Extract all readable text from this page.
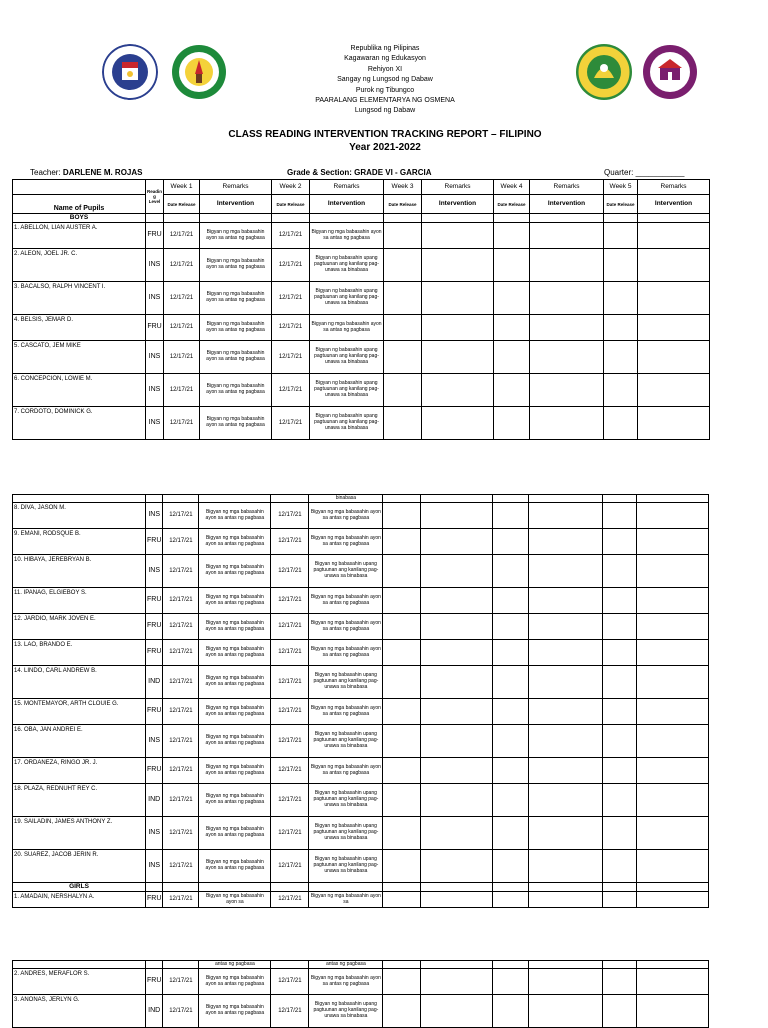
Republika ng Pilipinas
Kagawaran ng Edukasyon
Rehiyon XI
Sangay ng Lungsod ng Dabaw
Purok ng Tibungco
PAARALANG ELEMENTARYA NG OSMENA
Lungsod ng Dabaw
CLASS READING INTERVENTION TRACKING REPORT – FILIPINO
Year 2021-2022
Teacher: DARLENE M. ROJAS	Grade & Section: GRADE VI - GARCIA	Quarter: ___________

	Readin g Level	Week 1	Remarks	Week 2	Remarks	Week 3	Remarks	Week 4	Remarks	Week 5	Remarks
Name of Pupils		Date Release	Intervention	Date Release	Intervention	Date Release	Intervention	Date Release	Intervention	Date Release	Intervention
BOYS											
1. ABELLON, LIAN AUSTER A.	FRU	12/17/21	Bigyan ng mga babasahin ayon sa antas ng pagbasa	12/17/21	Bigyan ng mga babasahin ayon sa antas ng pagbasa						
2. ALEON, JOEL JR. C.	INS	12/17/21	Bigyan ng mga babasahin ayon sa antas ng pagbasa	12/17/21	Bigyan ng babasahin upang pagtuunan ang kanilang pag-unawa sa binabasa						
3. BACALSO, RALPH VINCENT I.	INS	12/17/21	Bigyan ng mga babasahin ayon sa antas ng pagbasa	12/17/21	Bigyan ng babasahin upang pagtuunan ang kanilang pag-unawa sa binabasa						
4. BELSIS, JEMAR D.	FRU	12/17/21	Bigyan ng mga babasahin ayon sa antas ng pagbasa	12/17/21	Bigyan ng mga babasahin ayon sa antas ng pagbasa						
5. CASCATO, JEM MIKE	INS	12/17/21	Bigyan ng mga babasahin ayon sa antas ng pagbasa	12/17/21	Bigyan ng babasahin upang pagtuunan ang kanilang pag-unawa sa binabasa						
6. CONCEPCION, LOWIE M.	INS	12/17/21	Bigyan ng mga babasahin ayon sa antas ng pagbasa	12/17/21	Bigyan ng babasahin upang pagtuunan ang kanilang pag-unawa sa binabasa						
7. CORDOTO, DOMINICK G.	INS	12/17/21	Bigyan ng mga babasahin ayon sa antas ng pagbasa	12/17/21	Bigyan ng babasahin upang pagtuunan ang kanilang pag-unawa sa binabasa						
					binabasa						
8. DIVA, JASON M.	INS	12/17/21	Bigyan ng mga babasahin ayon sa antas ng pagbasa	12/17/21	Bigyan ng mga babasahin ayon sa antas ng pagbasa						
9. EMANI, RODSQUE B.	FRU	12/17/21	Bigyan ng mga babasahin ayon sa antas ng pagbasa	12/17/21	Bigyan ng mga babasahin ayon sa antas ng pagbasa						
10. HIBAYA, JEREBRYAN B.	INS	12/17/21	Bigyan ng mga babasahin ayon sa antas ng pagbasa	12/17/21	Bigyan ng babasahin upang pagtuunan ang kanilang pag-unawa sa binabasa						
11. IPANAG, ELGIEBOY S.	FRU	12/17/21	Bigyan ng mga babasahin ayon sa antas ng pagbasa	12/17/21	Bigyan ng mga babasahin ayon sa antas ng pagbasa						
12. JARDIO, MARK JOVEN E.	FRU	12/17/21	Bigyan ng mga babasahin ayon sa antas ng pagbasa	12/17/21	Bigyan ng mga babasahin ayon sa antas ng pagbasa						
13. LAO, BRANDO E.	FRU	12/17/21	Bigyan ng mga babasahin ayon sa antas ng pagbasa	12/17/21	Bigyan ng mga babasahin ayon sa antas ng pagbasa						
14. LINDO, CARL ANDREW B.	IND	12/17/21	Bigyan ng mga babasahin ayon sa antas ng pagbasa	12/17/21	Bigyan ng babasahin upang pagtuunan ang kanilang pag-unawa sa binabasa						
15. MONTEMAYOR, ARTH CLOUIE G.	FRU	12/17/21	Bigyan ng mga babasahin ayon sa antas ng pagbasa	12/17/21	Bigyan ng mga babasahin ayon sa antas ng pagbasa						
16. OBA, JAN ANDREI E.	INS	12/17/21	Bigyan ng mga babasahin ayon sa antas ng pagbasa	12/17/21	Bigyan ng babasahin upang pagtuunan ang kanilang pag-unawa sa binabasa						
17. ORDANEZA, RINGO JR. J.	FRU	12/17/21	Bigyan ng mga babasahin ayon sa antas ng pagbasa	12/17/21	Bigyan ng mga babasahin ayon sa antas ng pagbasa						
18. PLAZA, REDNUHT REY C.	IND	12/17/21	Bigyan ng mga babasahin ayon sa antas ng pagbasa	12/17/21	Bigyan ng babasahin upang pagtuunan ang kanilang pag-unawa sa binabasa						
19. SAILADIN, JAMES ANTHONY Z.	INS	12/17/21	Bigyan ng mga babasahin ayon sa antas ng pagbasa	12/17/21	Bigyan ng babasahin upang pagtuunan ang kanilang pag-unawa sa binabasa						
20. SUAREZ, JACOB JERIN R.	INS	12/17/21	Bigyan ng mga babasahin ayon sa antas ng pagbasa	12/17/21	Bigyan ng babasahin upang pagtuunan ang kanilang pag-unawa sa binabasa						
GIRLS											
1. AMADAIN, NERSHALYN A.	FRU	12/17/21	Bigyan ng mga babasahin ayon sa	12/17/21	Bigyan ng mga babasahin ayon sa						
			antas ng pagbasa		antas ng pagbasa						
2. ANDRES, MERAFLOR S.	FRU	12/17/21	Bigyan ng mga babasahin ayon sa antas ng pagbasa	12/17/21	Bigyan ng mga babasahin ayon sa antas ng pagbasa						
3. ANONAS, JERLYN G.	IND	12/17/21	Bigyan ng mga babasahin ayon sa antas ng pagbasa	12/17/21	Bigyan ng babasahin upang pagtuunan ang kanilang pag-unawa sa binabasa						
